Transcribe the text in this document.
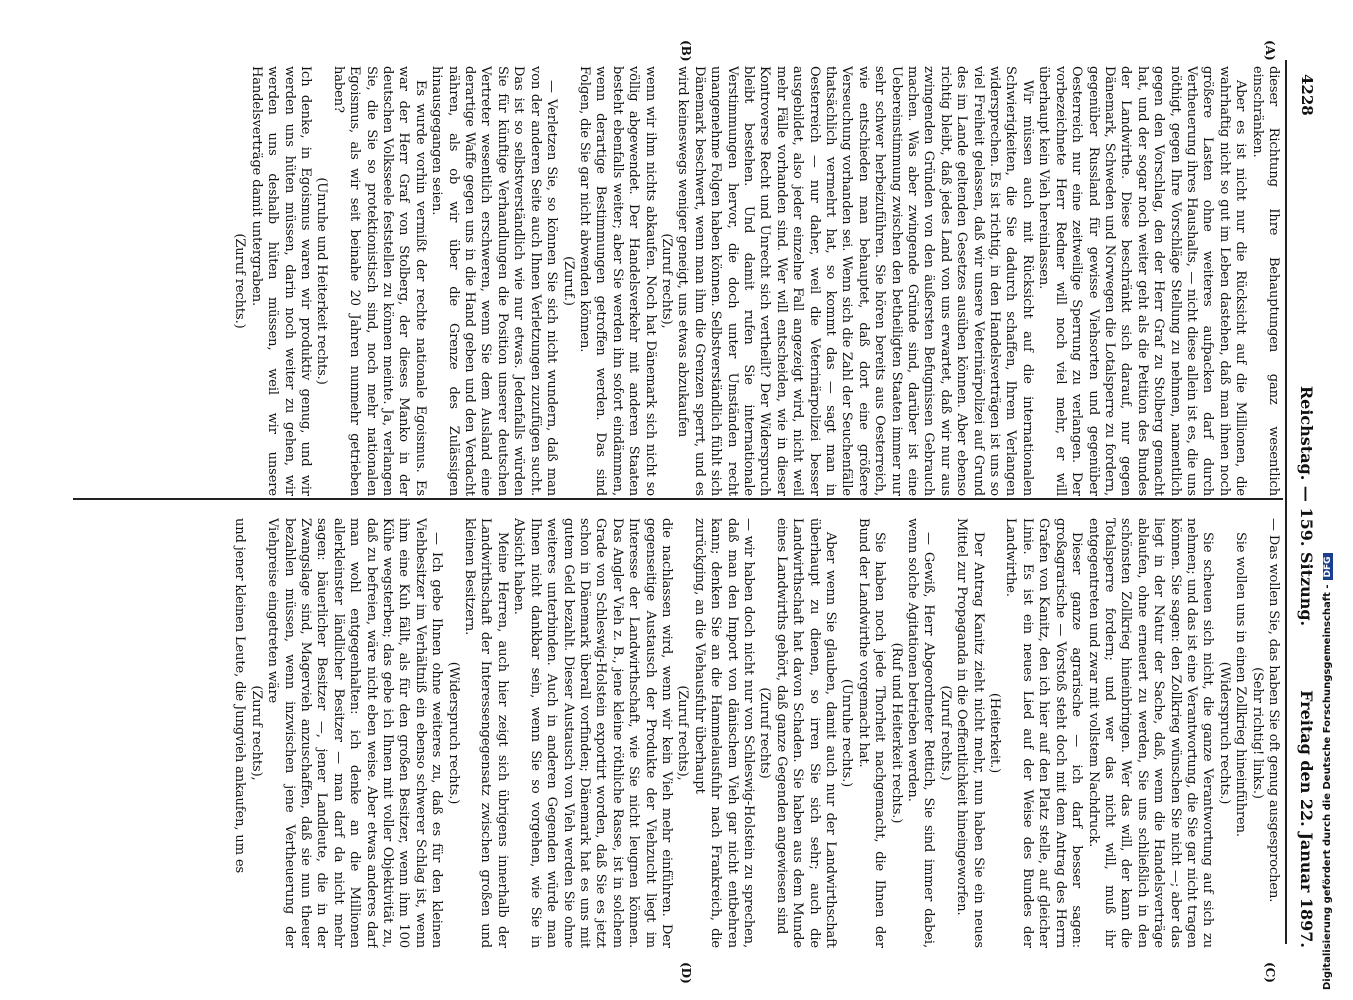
4228
Reichstag. — 159. Sitzung.
Freitag den 22. Januar 1897.
(A)
(B)
(C)
(D)

dieser Richtung Ihre Behauptungen ganz wesentlich einschränken.

Aber es ist nicht nur die Rücksicht auf die Millionen, die wahrhaftig nicht so gut im Leben dastehen, daß man ihnen noch größere Lasten ohne weiteres aufpacken darf durch Vertheuerung ihres Haushalts, — nicht diese allein ist es, die uns nöthigt, gegen Ihre Vorschläge Stellung zu nehmen, namentlich gegen den Vorschlag, den der Herr Graf zu Stolberg gemacht hat, und der sogar noch weiter geht als die Petition des Bundes der Landwirthe. Diese beschränkt sich darauf, nur gegen Dänemark, Schweden und Norwegen die Lotalsperre zu fordern, gegenüber Russland für gewisse Viehsorten und gegenüber Oesterreich nur eine zeitweilige Sperrung zu verlangen. Der vorbezeichnete Herr Redner will noch viel mehr, er will überhaupt kein Vieh hereinlassen.

Wir müssen auch mit Rücksicht auf die internationalen Schwierigkeiten, die Sie dadurch schaffen, Ihrem Verlangen widersprechen. Es ist richtig, in den Handelsverträgen ist uns so viel Freiheit gelassen, daß wir unsere Veterinärpolizei auf Grund des im Lande geltenden Gesetzes ausüben können. Aber ebenso richtig bleibt, daß jedes Land von uns erwartet, daß wir nur aus zwingenden Gründen von den äußersten Befugnissen Gebrauch machen. Was aber zwingende Gründe sind, darüber ist eine Uebereinstimmung zwischen den betheiligten Staaten immer nur sehr schwer herbeizuführen. Sie hören bereits aus Oesterreich, wie entschieden man behauptet, daß dort eine größere Verseuchung vorhanden sei. Wenn sich die Zahl der Seuchenfälle thatsächlich vermehrt hat, so kommt das — sagt man in Oesterreich — nur daher, weil die Veterinärpolizei besser ausgebildet, also jeder einzelne Fall angezeigt wird, nicht weil mehr Fälle vorhanden sind. Wer will entscheiden, wie in dieser Kontroverse Recht und Unrecht sich vertheilt? Der Widerspruch bleibt bestehen. Und damit rufen Sie internationale Verstimmungen hervor, die doch unter Umständen recht unangenehme Folgen haben können. Selbstverständlich fühlt sich Dänemark beschwert, wenn man ihm die Grenzen sperrt, und es wird keineswegs weniger geneigt, uns etwas abzukaufen

(Zuruf rechts),

wenn wir ihm nichts abkaufen. Noch hat Dänemark sich nicht so völlig abgewendet. Der Handelsverkehr mit anderen Staaten besteht ebenfalls weiter; aber Sie werden ihn sofort eindämmen, wenn derartige Bestimmungen getroffen werden. Das sind Folgen, die Sie gar nicht abwenden können.

(Zuruf.)

— Verletzen Sie, so können Sie sich nicht wundern, daß man von der anderen Seite auch Ihnen Verletzungen zuzufügen sucht. Das ist so selbstverständlich wie nur etwas. Jedenfalls würden Sie für künftige Verhandlungen die Position unserer deutschen Vertreter wesentlich erschweren, wenn Sie dem Ausland eine derartige Waffe gegen uns in die Hand geben und den Verdacht nähren, als ob wir über die Grenze des Zulässigen hinausgegangen seien.

Es wurde vorhin vermißt der rechte nationale Egoismus. Es war der Herr Graf von Stolberg, der dieses Manko in der deutschen Volksseele feststellen zu können meinte. Ja, verlangen Sie, die Sie so protektionistisch sind, noch mehr nationalen Egoismus, als wir seit beinahe 20 Jahren nunmehr getrieben haben?

(Unruhe und Heiterkeit rechts.)

Ich denke, in Egoismus waren wir produktiv genug, und wir werden uns hüten müssen, darin noch weiter zu gehen, wir werden uns deshalb hüten müssen, weil wir unsere Handelsverträge damit untergraben.

(Zuruf rechts.)

— Das wollen Sie, das haben Sie oft genug ausgesprochen.

(Sehr richtig! links.)

Sie wollen uns in einen Zollkrieg hineinführen.

(Widerspruch rechts.)

Sie scheuen sich nicht, die ganze Verantwortung auf sich zu nehmen; und das ist eine Verantwortung, die Sie gar nicht tragen können. Sie sagen: den Zollkrieg wünschen Sie nicht —; aber das liegt in der Natur der Sache, daß, wenn die Handelsverträge ablaufen, ohne erneuert zu werden, Sie uns schließlich in den schönsten Zollkrieg hineinbringen. Wer das will, der kann die Totalsperre fordern; und wer das nicht will, muß ihr entgegentreten und zwar mit vollstem Nachdruck.

Dieser ganze agrarische — ich darf besser sagen: großagrarische — Vorstoß steht doch mit dem Antrag des Herrn Grafen von Kanitz, den ich hier auf den Platz stelle, auf gleicher Linie. Es ist ein neues Lied auf der Weise des Bundes der Landwirthe.

(Heiterkeit.)

Der Antrag Kanitz zieht nicht mehr, nun haben Sie ein neues Mittel zur Propaganda in die Oeffentlichkeit hineingeworfen.

(Zuruf rechts.)

— Gewiß, Herr Abgeordneter Rettich, Sie sind immer dabei, wenn solche Agitationen betrieben werden.

(Ruf und Heiterkeit rechts.)

Sie haben noch jede Thorheit nachgemacht, die Ihnen der Bund der Landwirthe vorgemacht hat.

(Unruhe rechts.)

Aber wenn Sie glauben, damit auch nur der Landwirthschaft überhaupt zu dienen, so irren Sie sich sehr; auch die Landwirthschaft hat davon Schaden. Sie haben aus dem Munde eines Landwirths gehört, daß ganze Gegenden angewiesen sind

(Zuruf rechts)

— wir haben doch nicht nur von Schleswig-Holstein zu sprechen, daß man den Import von dänischem Vieh gar nicht entbehren kann; denken Sie an die Hammelausfuhr nach Frankreich, die zurückging, an die Viehausfuhr überhaupt

(Zuruf rechts),

die nachlassen wird, wenn wir kein Vieh mehr einführen. Der gegenseitige Austausch der Produkte der Viehzucht liegt im Interesse der Landwirthschaft, wie Sie nicht leugnen können. Das Angler Vieh z. B., jene kleine röthliche Rasse, ist in solchem Grade von Schleswig-Holstein exportirt worden, daß Sie es jetzt schon in Dänemark überall vorfinden; Dänemark hat es uns mit gutem Geld bezahlt. Dieser Austausch von Vieh werden Sie ohne weiteres unterbinden. Auch in anderen Gegenden würde man Ihnen nicht dankbar sein, wenn Sie so vorgehen, wie Sie in Absicht haben.

Meine Herren, auch hier zeigt sich übrigens innerhalb der Landwirthschaft der Interessengegensatz zwischen großen und kleinen Besitzern.

(Widerspruch rechts.)

— Ich gebe Ihnen ohne weiteres zu, daß es für den kleinen Viehbesitzer im Verhältniß ein ebenso schwerer Schlag ist, wenn ihm eine Kuh fällt, als für den großen Besitzer, wenn ihm 100 Kühe wegsterben; das gebe ich Ihnen mit voller Objektivität zu, daß zu befreien, wäre nicht eben weise. Aber etwas anderes darf man wohl entgegenhalten: ich denke an die Millionen allerkleinster ländlicher Besitzer — man darf da nicht mehr sagen: bäuerlicher Besitzer —, jener Landleute, die in der Zwangslage sind, Magervieh anzuschaffen, daß sie nun theuer bezahlen müssen, wenn inzwischen jene Vertheuerung der Viehpreise eingetreten wäre

(Zuruf rechts),

und jener kleinen Leute, die Jungvieh ankaufen, um es	Digitalisierung gefördert durch die Deutsche Forschungsgemeinschaft -DFG
